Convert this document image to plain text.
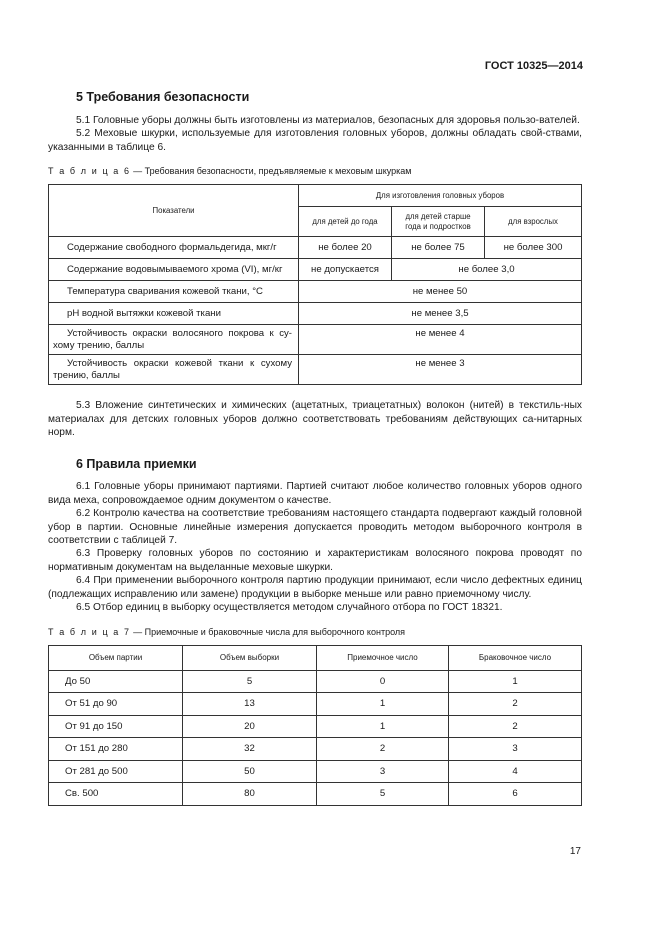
ГОСТ 10325—2014
5 Требования безопасности

5.1 Головные уборы должны быть изготовлены из материалов, безопасных для здоровья пользо-вателей.

5.2 Меховые шкурки, используемые для изготовления головных уборов, должны обладать свой-ствами, указанными в таблице 6.

Т а б л и ц а 6 — Требования безопасности, предъявляемые к меховым шкуркам

Показатели	Для изготовления головных уборов		
	для детей до года	для детей старше года и подростков	для взрослых
Содержание свободного формальдегида, мкг/г	не более 20	не более 75	не более 300
Содержание водовымываемого хрома (VI), мг/кг	не допускается	не более 3,0	
Температура сваривания кожевой ткани, °С	не менее 50		
pH водной вытяжки кожевой ткани	не менее 3,5		
Устойчивость окраски волосяного покрова к су-хому трению, баллы	не менее 4		
Устойчивость окраски кожевой ткани к сухому трению, баллы	не менее 3		

5.3 Вложение синтетических и химических (ацетатных, триацетатных) волокон (нитей) в текстиль-ных материалах для детских головных уборов должно соответствовать требованиям действующих са-нитарных норм.

6 Правила приемки

6.1 Головные уборы принимают партиями. Партией считают любое количество головных уборов одного вида меха, сопровождаемое одним документом о качестве.

6.2 Контролю качества на соответствие требованиям настоящего стандарта подвергают каждый головной убор в партии. Основные линейные измерения допускается проводить методом выборочного контроля в соответствии с таблицей 7.

6.3 Проверку головных уборов по состоянию и характеристикам волосяного покрова проводят по нормативным документам на выделанные меховые шкурки.

6.4 При применении выборочного контроля партию продукции принимают, если число дефектных единиц (подлежащих исправлению или замене) продукции в выборке меньше или равно приемочному числу.

6.5 Отбор единиц в выборку осуществляется методом случайного отбора по ГОСТ 18321.

Т а б л и ц а 7 — Приемочные и браковочные числа для выборочного контроля

Объем партии	Объем выборки	Приемочное число	Браковочное число
До 50	5	0	1
От 51 до 90	13	1	2
От 91 до 150	20	1	2
От 151 до 280	32	2	3
От 281 до 500	50	3	4
Св. 500	80	5	6
17
